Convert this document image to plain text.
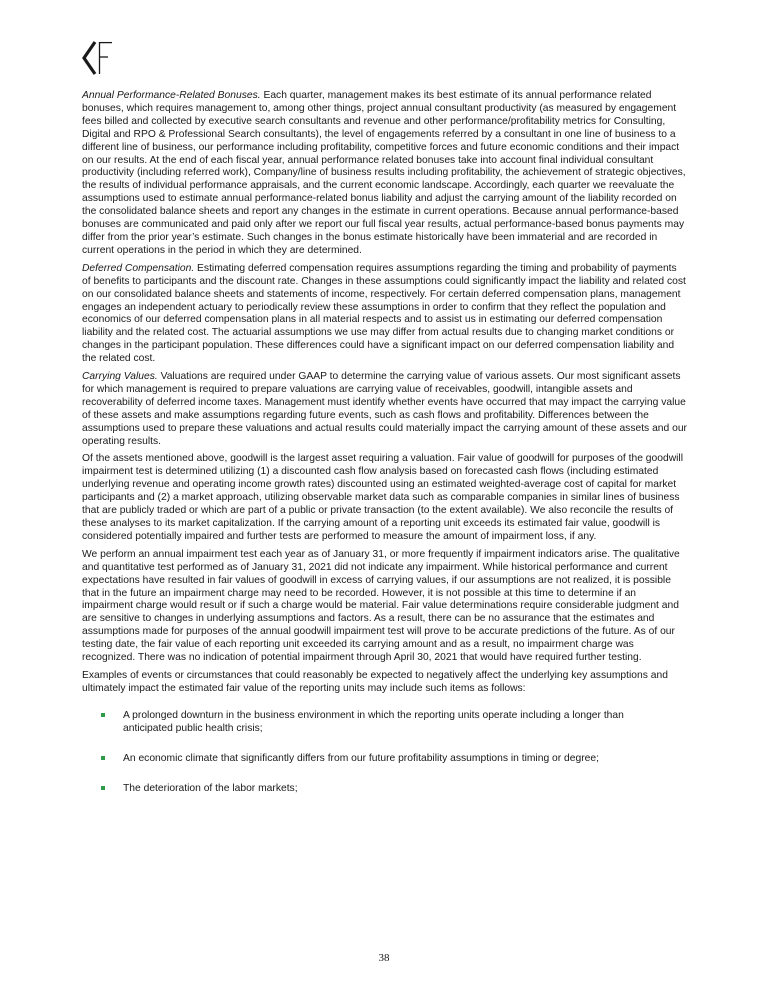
Annual Performance-Related Bonuses. Each quarter, management makes its best estimate of its annual performance related bonuses, which requires management to, among other things, project annual consultant productivity (as measured by engagement fees billed and collected by executive search consultants and revenue and other performance/profitability metrics for Consulting, Digital and RPO & Professional Search consultants), the level of engagements referred by a consultant in one line of business to a different line of business, our performance including profitability, competitive forces and future economic conditions and their impact on our results. At the end of each fiscal year, annual performance related bonuses take into account final individual consultant productivity (including referred work), Company/line of business results including profitability, the achievement of strategic objectives, the results of individual performance appraisals, and the current economic landscape. Accordingly, each quarter we reevaluate the assumptions used to estimate annual performance-related bonus liability and adjust the carrying amount of the liability recorded on the consolidated balance sheets and report any changes in the estimate in current operations. Because annual performance-based bonuses are communicated and paid only after we report our full fiscal year results, actual performance-based bonus payments may differ from the prior year’s estimate. Such changes in the bonus estimate historically have been immaterial and are recorded in current operations in the period in which they are determined.

Deferred Compensation. Estimating deferred compensation requires assumptions regarding the timing and probability of payments of benefits to participants and the discount rate. Changes in these assumptions could significantly impact the liability and related cost on our consolidated balance sheets and statements of income, respectively. For certain deferred compensation plans, management engages an independent actuary to periodically review these assumptions in order to confirm that they reflect the population and economics of our deferred compensation plans in all material respects and to assist us in estimating our deferred compensation liability and the related cost. The actuarial assumptions we use may differ from actual results due to changing market conditions or changes in the participant population. These differences could have a significant impact on our deferred compensation liability and the related cost.

Carrying Values. Valuations are required under GAAP to determine the carrying value of various assets. Our most significant assets for which management is required to prepare valuations are carrying value of receivables, goodwill, intangible assets and recoverability of deferred income taxes. Management must identify whether events have occurred that may impact the carrying value of these assets and make assumptions regarding future events, such as cash flows and profitability. Differences between the assumptions used to prepare these valuations and actual results could materially impact the carrying amount of these assets and our operating results.

Of the assets mentioned above, goodwill is the largest asset requiring a valuation. Fair value of goodwill for purposes of the goodwill impairment test is determined utilizing (1) a discounted cash flow analysis based on forecasted cash flows (including estimated underlying revenue and operating income growth rates) discounted using an estimated weighted-average cost of capital for market participants and (2) a market approach, utilizing observable market data such as comparable companies in similar lines of business that are publicly traded or which are part of a public or private transaction (to the extent available). We also reconcile the results of these analyses to its market capitalization. If the carrying amount of a reporting unit exceeds its estimated fair value, goodwill is considered potentially impaired and further tests are performed to measure the amount of impairment loss, if any.

We perform an annual impairment test each year as of January 31, or more frequently if impairment indicators arise. The qualitative and quantitative test performed as of January 31, 2021 did not indicate any impairment. While historical performance and current expectations have resulted in fair values of goodwill in excess of carrying values, if our assumptions are not realized, it is possible that in the future an impairment charge may need to be recorded. However, it is not possible at this time to determine if an impairment charge would result or if such a charge would be material. Fair value determinations require considerable judgment and are sensitive to changes in underlying assumptions and factors. As a result, there can be no assurance that the estimates and assumptions made for purposes of the annual goodwill impairment test will prove to be accurate predictions of the future. As of our testing date, the fair value of each reporting unit exceeded its carrying amount and as a result, no impairment charge was recognized. There was no indication of potential impairment through April 30, 2021 that would have required further testing.

Examples of events or circumstances that could reasonably be expected to negatively affect the underlying key assumptions and ultimately impact the estimated fair value of the reporting units may include such items as follows:

A prolonged downturn in the business environment in which the reporting units operate including a longer than anticipated public health crisis;
An economic climate that significantly differs from our future profitability assumptions in timing or degree;
The deterioration of the labor markets;
38
